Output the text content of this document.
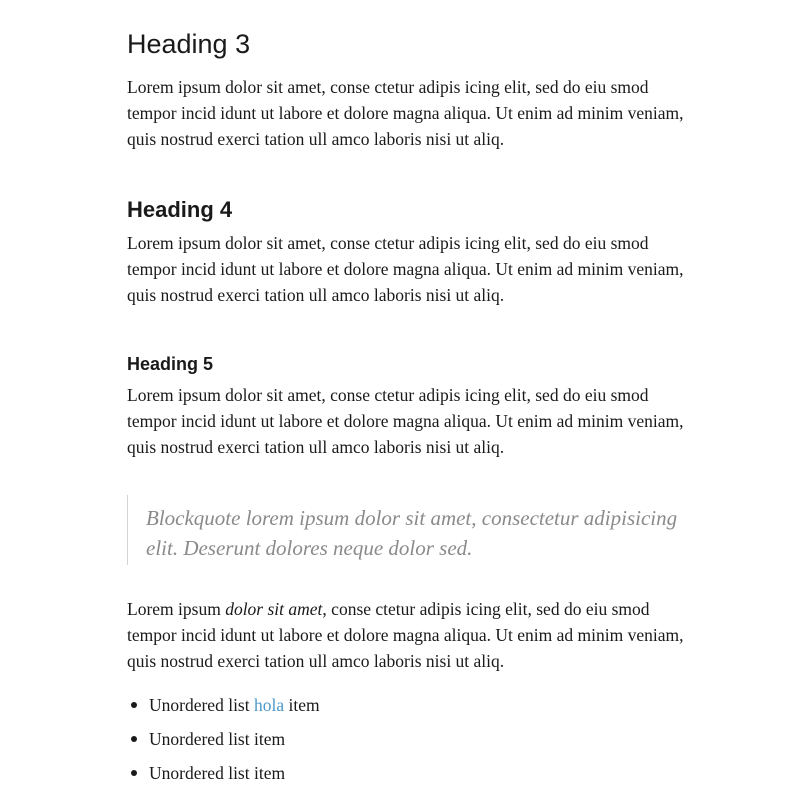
Heading 3

Lorem ipsum dolor sit amet, conse ctetur adipis icing elit, sed do eiu smod tempor incid idunt ut labore et dolore magna aliqua. Ut enim ad minim veniam, quis nostrud exerci tation ull amco laboris nisi ut aliq.

Heading 4

Lorem ipsum dolor sit amet, conse ctetur adipis icing elit, sed do eiu smod tempor incid idunt ut labore et dolore magna aliqua. Ut enim ad minim veniam, quis nostrud exerci tation ull amco laboris nisi ut aliq.

Heading 5

Lorem ipsum dolor sit amet, conse ctetur adipis icing elit, sed do eiu smod tempor incid idunt ut labore et dolore magna aliqua. Ut enim ad minim veniam, quis nostrud exerci tation ull amco laboris nisi ut aliq.

Blockquote lorem ipsum dolor sit amet, consectetur adipisicing elit. Deserunt dolores neque dolor sed.

Lorem ipsum dolor sit amet, conse ctetur adipis icing elit, sed do eiu smod tempor incid idunt ut labore et dolore magna aliqua. Ut enim ad minim veniam, quis nostrud exerci tation ull amco laboris nisi ut aliq.

Unordered list hola item
Unordered list item
Unordered list item
